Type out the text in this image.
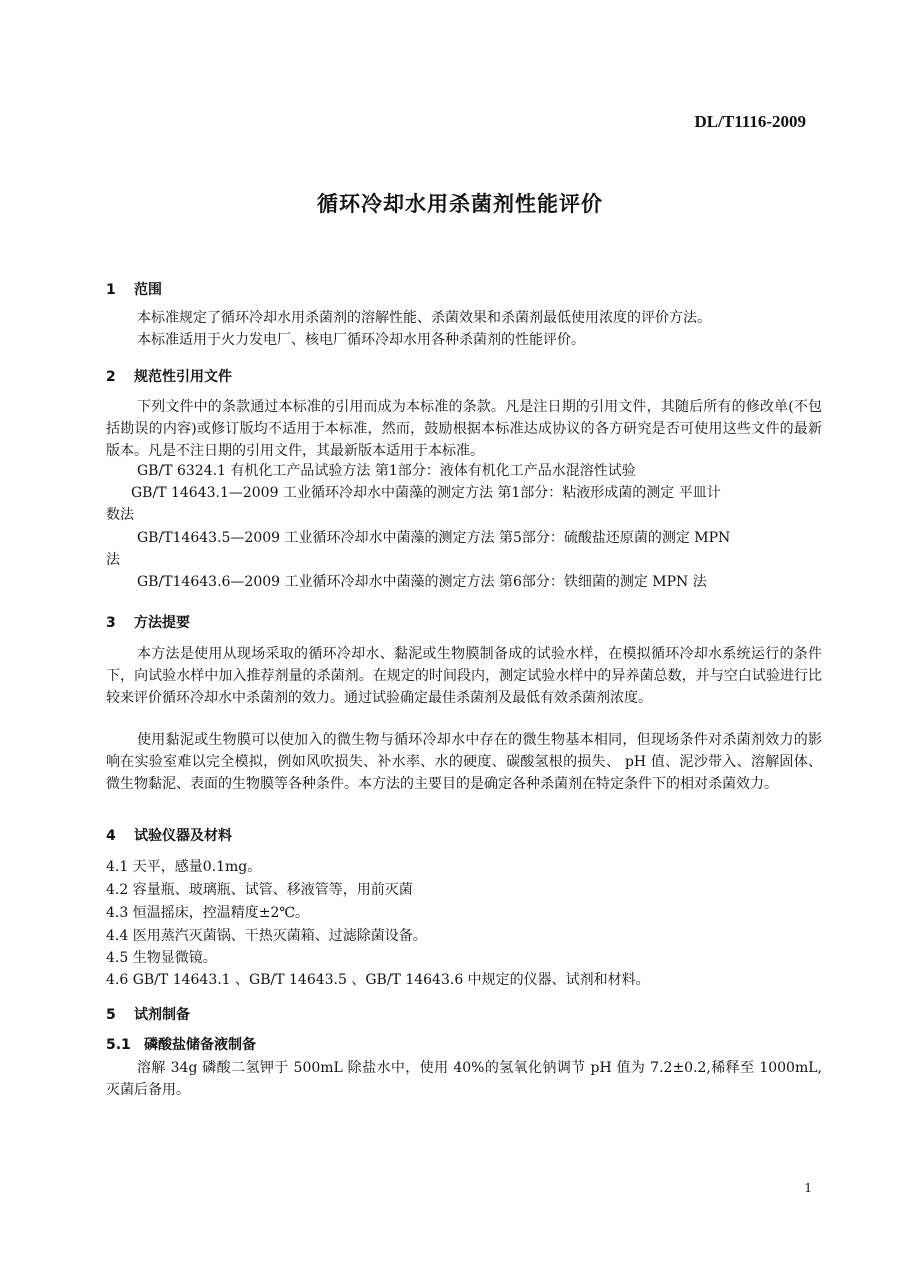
DL/T1116-2009
循环冷却水用杀菌剂性能评价
1 范围
本标准规定了循环冷却水用杀菌剂的溶解性能、杀菌效果和杀菌剂最低使用浓度的评价方法。
本标准适用于火力发电厂、核电厂循环冷却水用各种杀菌剂的性能评价。
2 规范性引用文件
下列文件中的条款通过本标准的引用而成为本标准的条款。凡是注日期的引用文件，其随后所有的修改单(不包括勘误的内容)或修订版均不适用于本标准，然而，鼓励根据本标准达成协议的各方研究是否可使用这些文件的最新版本。凡是不注日期的引用文件，其最新版本适用于本标准。
GB/T 6324.1 有机化工产品试验方法 第1部分：液体有机化工产品水混溶性试验
GB/T 14643.1—2009 工业循环冷却水中菌藻的测定方法 第1部分：粘液形成菌的测定 平皿计
数法
GB/T14643.5—2009 工业循环冷却水中菌藻的测定方法 第5部分：硫酸盐还原菌的测定 MPN
法
GB/T14643.6—2009 工业循环冷却水中菌藻的测定方法 第6部分：铁细菌的测定 MPN 法
3 方法提要
本方法是使用从现场采取的循环冷却水、黏泥或生物膜制备成的试验水样，在模拟循环冷却水系统运行的条件下，向试验水样中加入推荐剂量的杀菌剂。在规定的时间段内，测定试验水样中的异养菌总数，并与空白试验进行比较来评价循环冷却水中杀菌剂的效力。通过试验确定最佳杀菌剂及最低有效杀菌剂浓度。
使用黏泥或生物膜可以使加入的微生物与循环冷却水中存在的微生物基本相同，但现场条件对杀菌剂效力的影响在实验室难以完全模拟，例如风吹损失、补水率、水的硬度、碳酸氢根的损失、 pH 值、泥沙带入、溶解固体、微生物黏泥、表面的生物膜等各种条件。本方法的主要目的是确定各种杀菌剂在特定条件下的相对杀菌效力。
4 试验仪器及材料
4.1 天平，感量0.1mg。
4.2 容量瓶、玻璃瓶、试管、移液管等，用前灭菌
4.3 恒温摇床，控温精度±2℃。
4.4 医用蒸汽灭菌锅、干热灭菌箱、过滤除菌设备。
4.5 生物显微镜。
4.6 GB/T 14643.1 、GB/T 14643.5 、GB/T 14643.6 中规定的仪器、试剂和材料。
5 试剂制备
5.1 磷酸盐储备液制备
溶解 34g 磷酸二氢钾于 500mL 除盐水中，使用 40%的氢氧化钠调节 pH 值为 7.2±0.2,稀释至 1000mL, 灭菌后备用。
1
